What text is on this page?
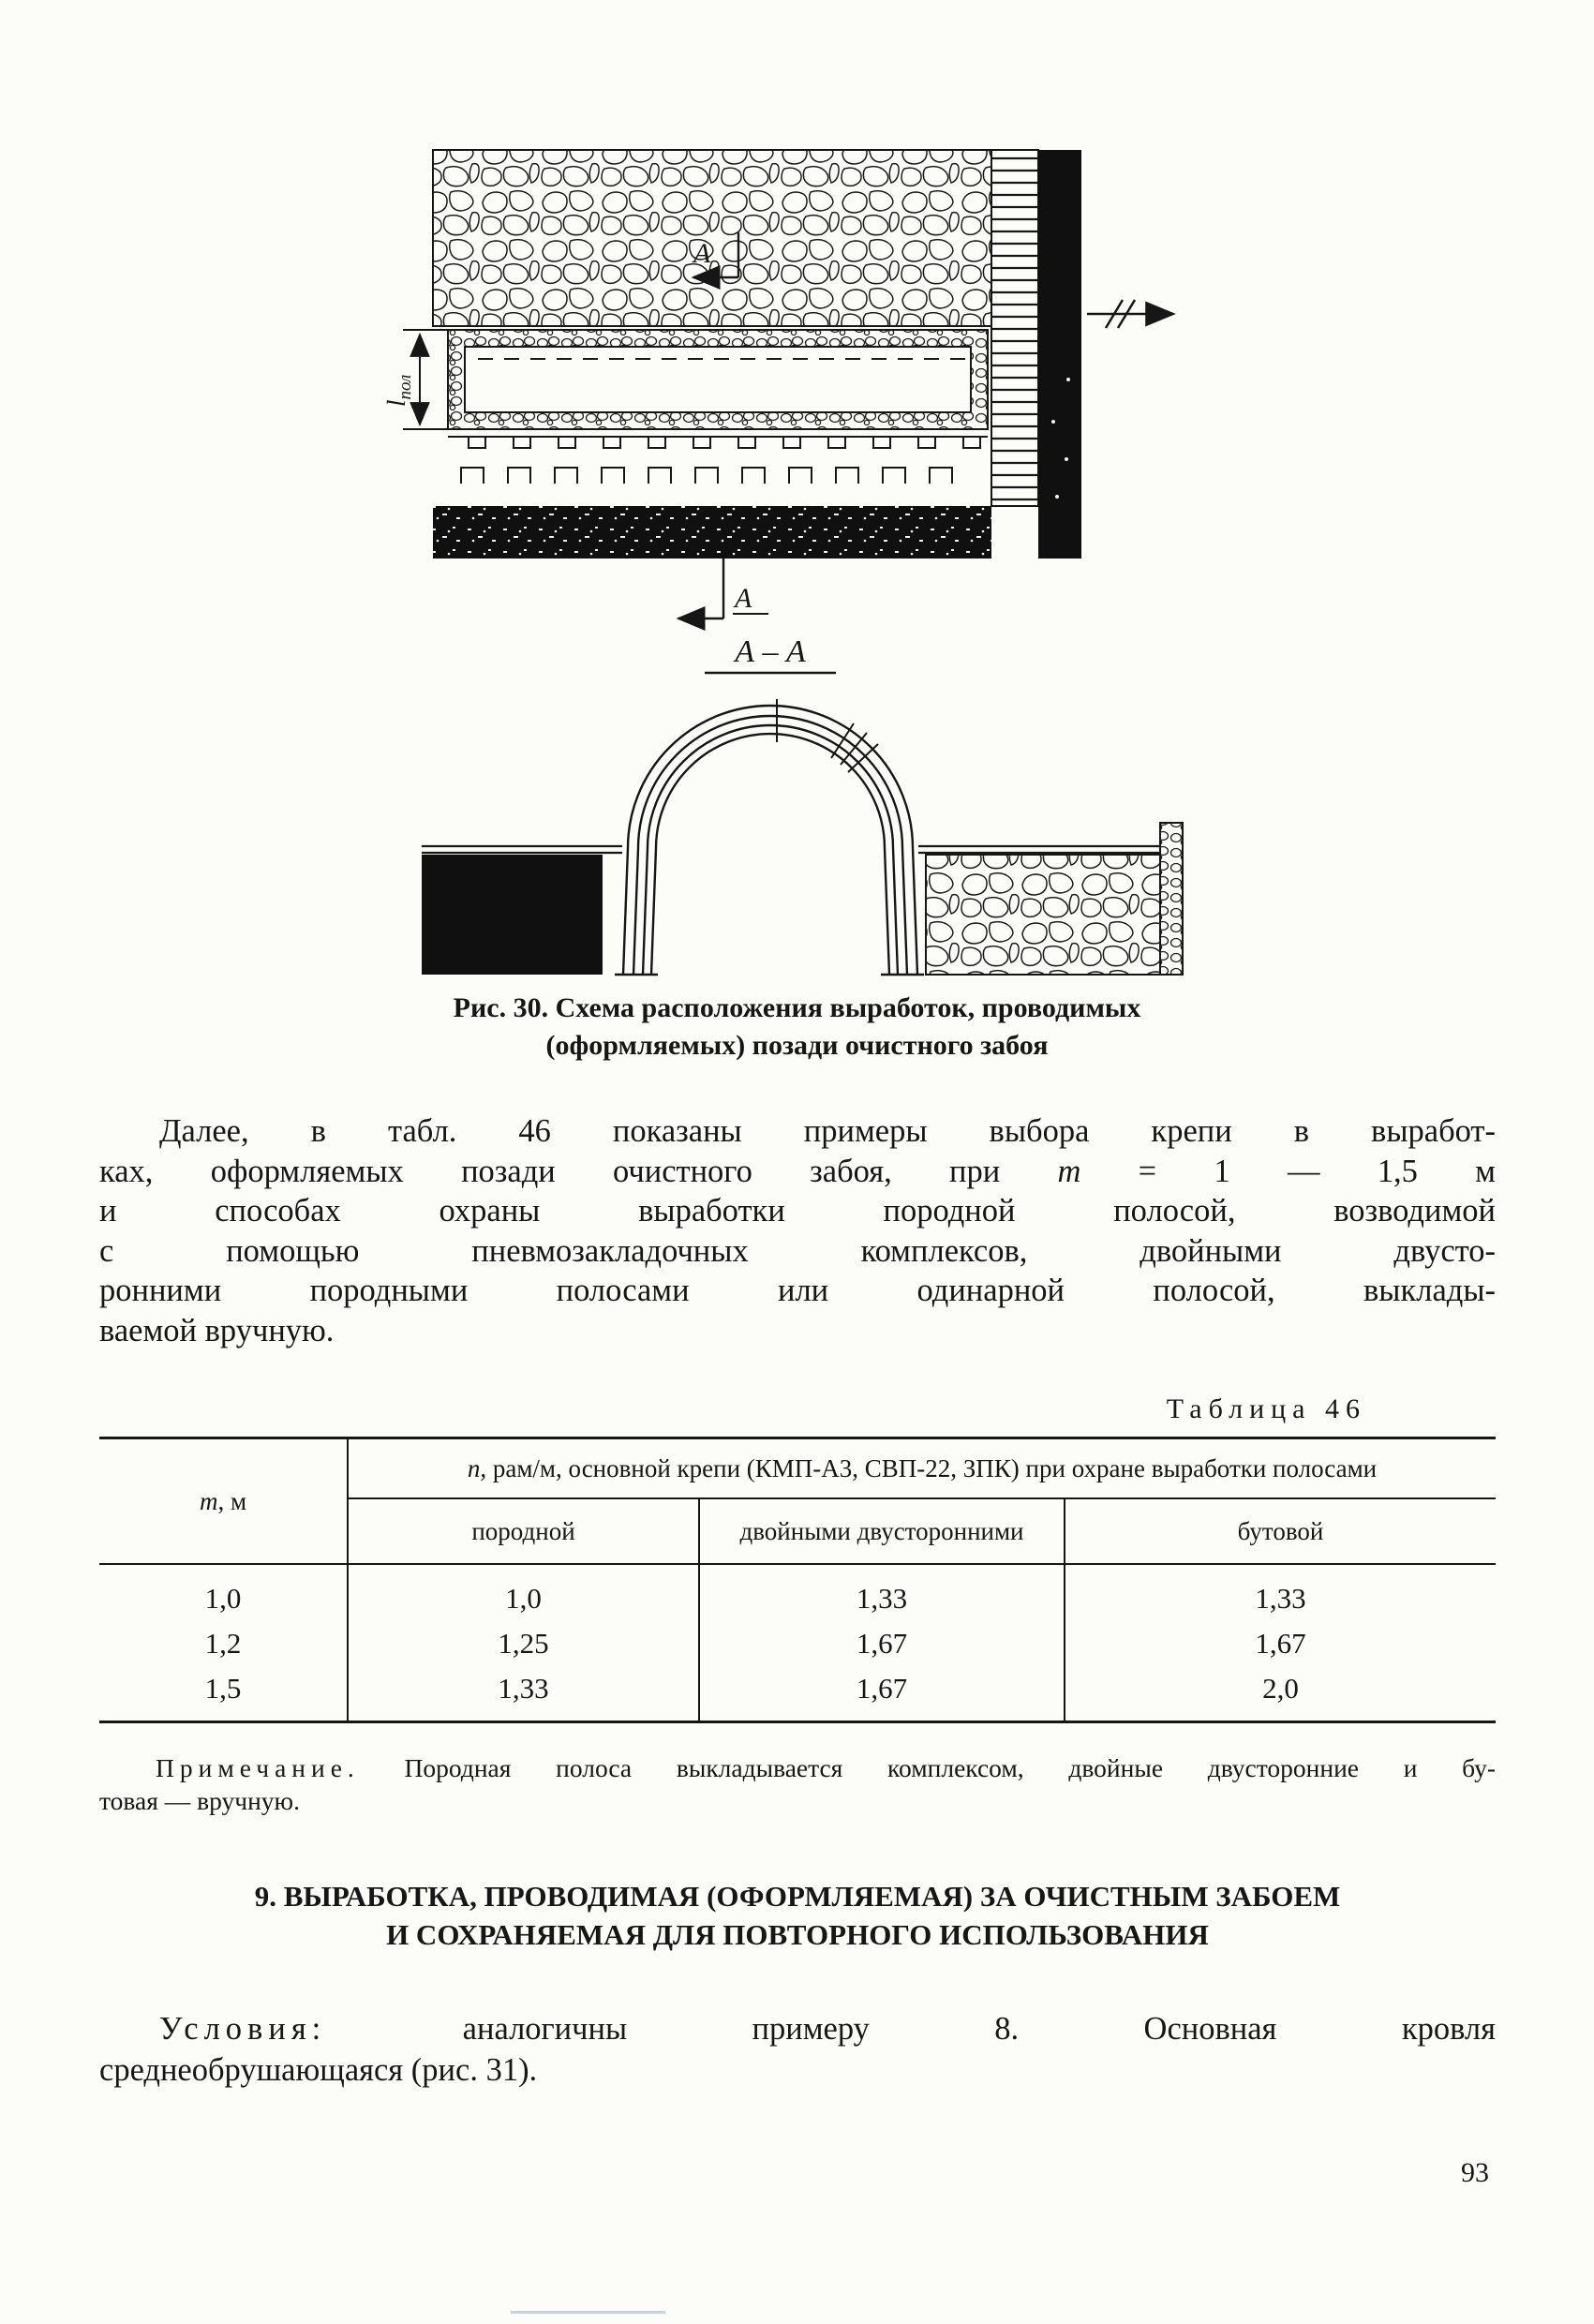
$l_{пол}$
А
А
А – А
Рис. 30. Схема расположения выработок, проводимых
(оформляемых) позади очистного забоя
Далее, в табл. 46 показаны примеры выбора крепи в выработ-
ках, оформляемых позади очистного забоя, при m = 1 — 1,5 м
и способах охраны выработки породной полосой, возводимой
с помощью пневмозакладочных комплексов, двойными двусто-
ронними породными полосами или одинарной полосой, выклады-
ваемой вручную.
Таблица 46
m, м	n, рам/м, основной крепи (КМП-А3, СВП-22, ЗПК) при охране выработки полосами		
	породной	двойными двусторонними	бутовой
1,0	1,0	1,33	1,33
1,2	1,25	1,67	1,67
1,5	1,33	1,67	2,0
Примечание. Породная полоса выкладывается комплексом, двойные двусторонние и бу-
товая — вручную.
9. ВЫРАБОТКА, ПРОВОДИМАЯ (ОФОРМЛЯЕМАЯ) ЗА ОЧИСТНЫМ ЗАБОЕМ
И СОХРАНЯЕМАЯ ДЛЯ ПОВТОРНОГО ИСПОЛЬЗОВАНИЯ
Условия: аналогичны примеру 8. Основная кровля
среднеобрушающаяся (рис. 31).
93
